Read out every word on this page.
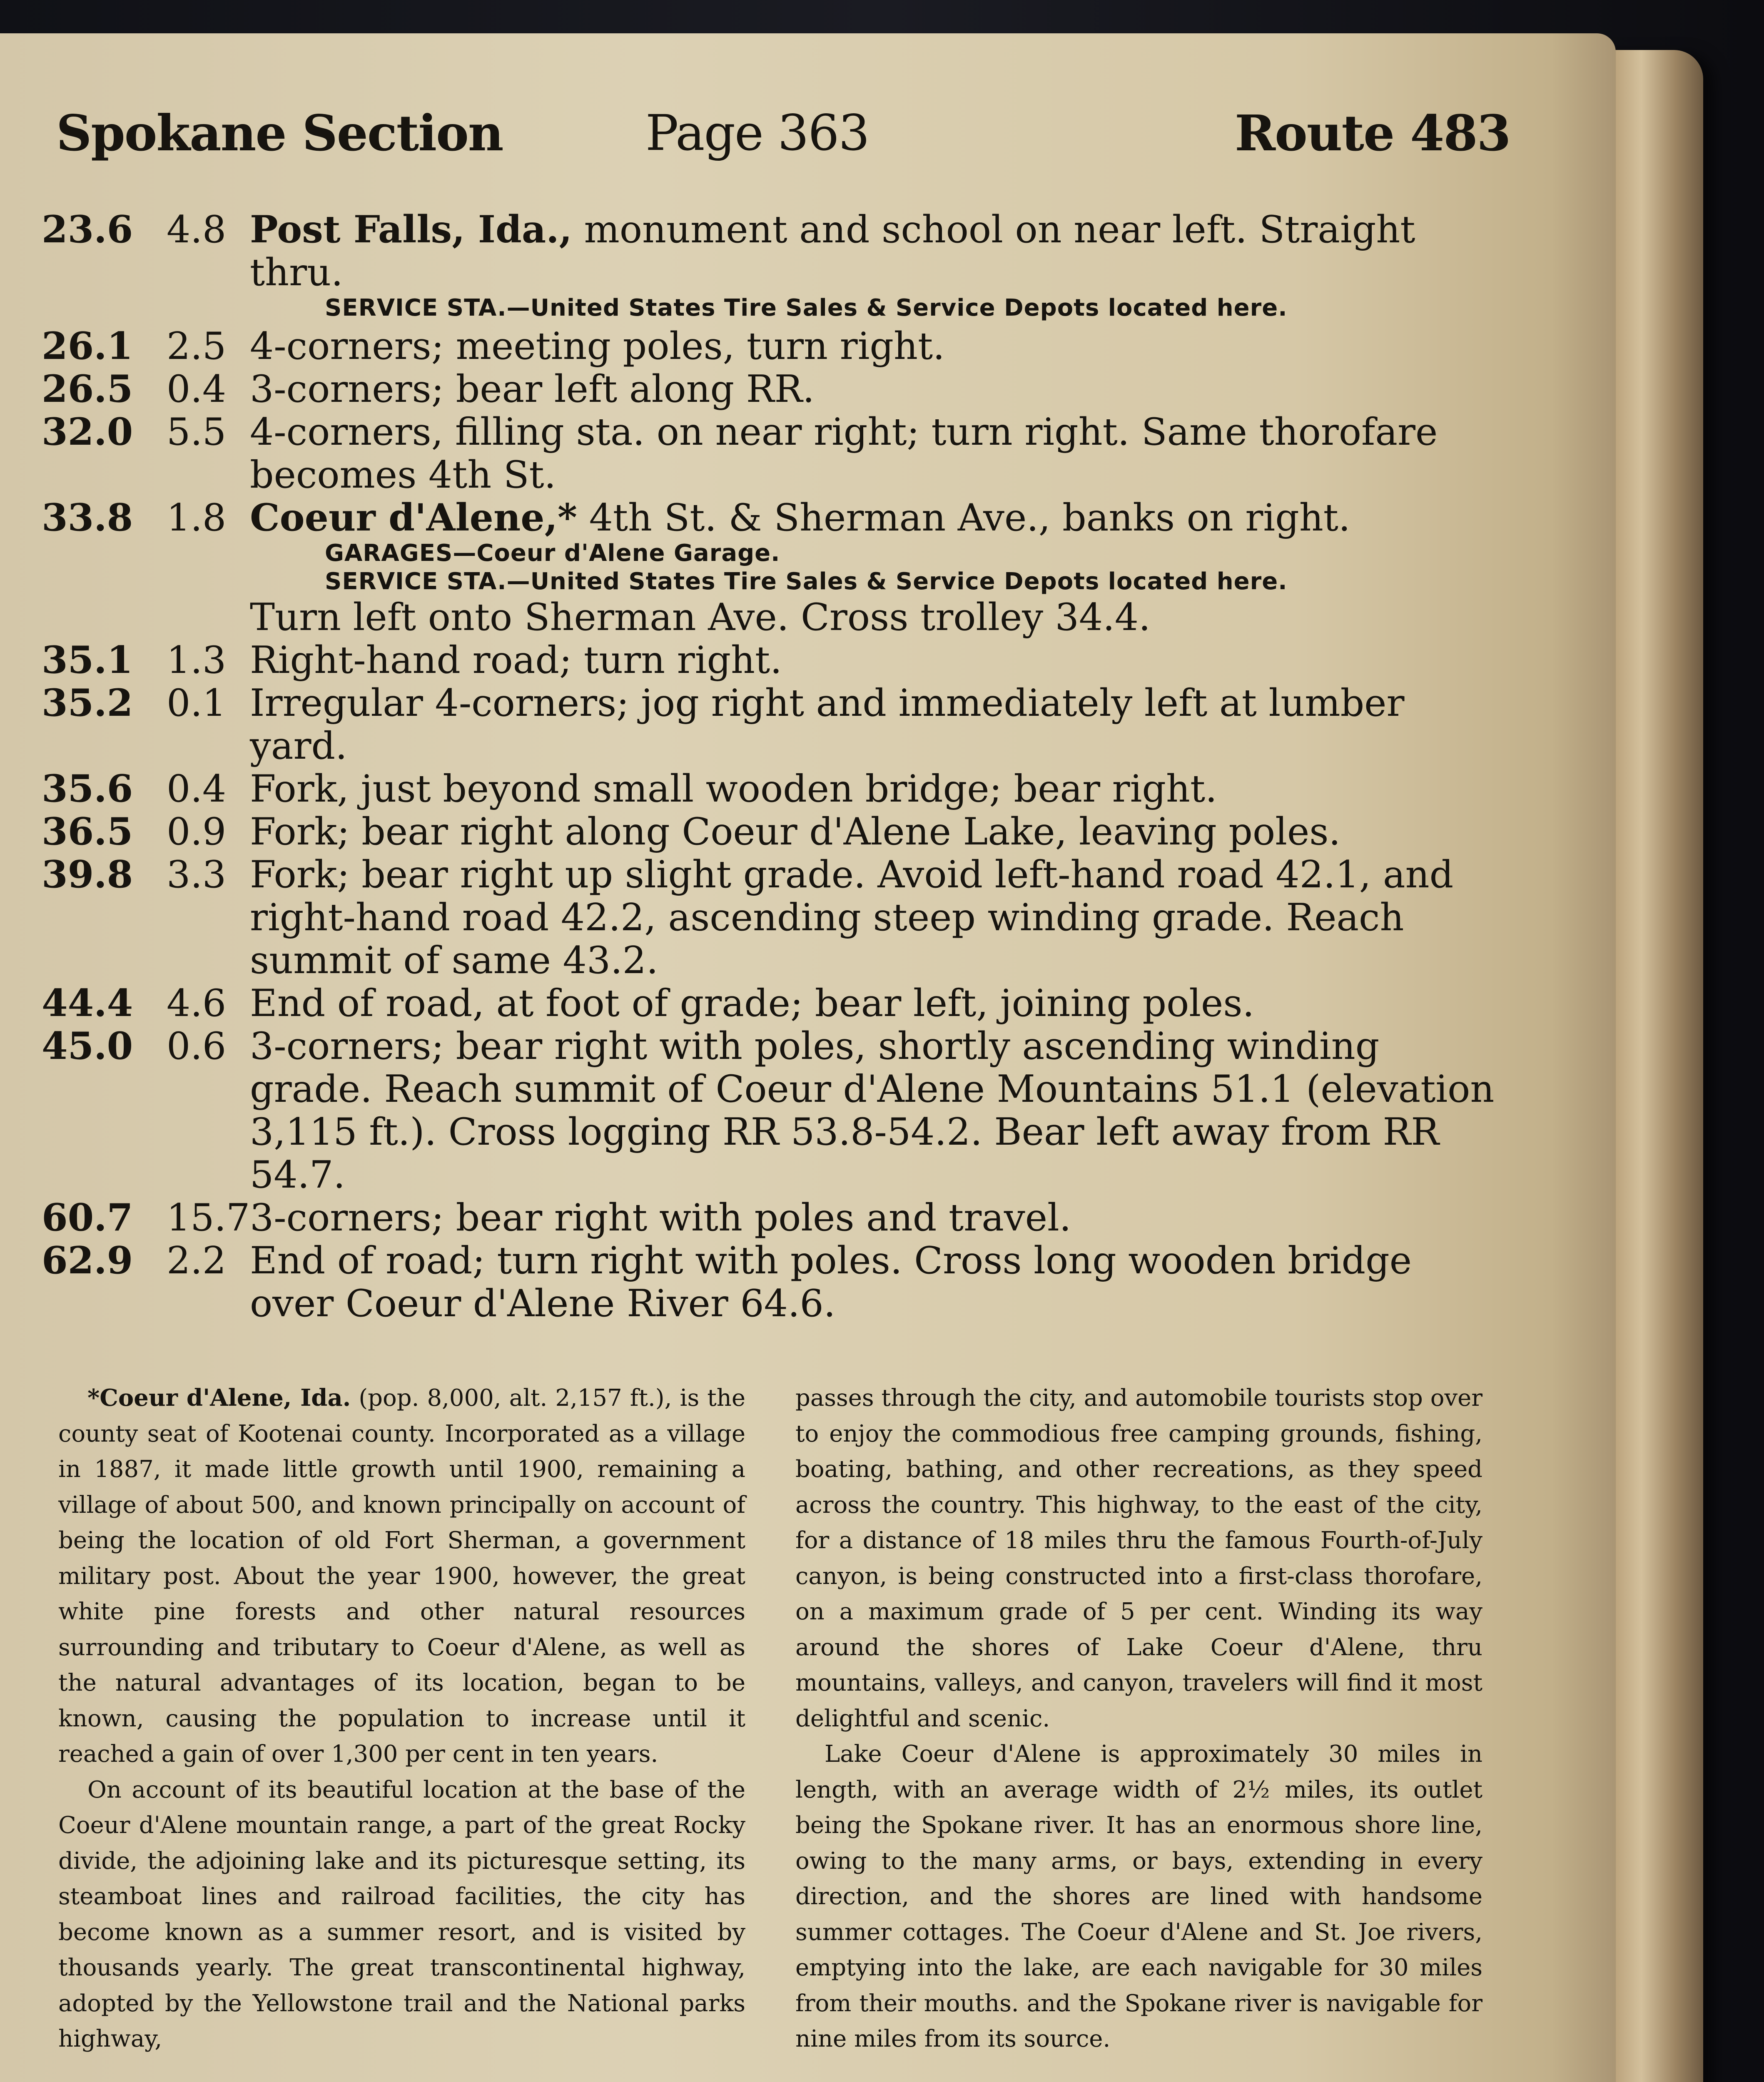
Spokane Section	Page 363	Route 483
23.6 4.8 Post Falls, Ida., monument and school on near left. Straight thru.
SERVICE STA.—United States Tire Sales & Service Depots located here.
26.1 2.5 4-corners; meeting poles, turn right.
26.5 0.4 3-corners; bear left along RR.
32.0 5.5 4-corners, filling sta. on near right; turn right. Same thorofare becomes 4th St.
33.8 1.8 Coeur d'Alene,* 4th St. & Sherman Ave., banks on right.
GARAGES—Coeur d'Alene Garage.
SERVICE STA.—United States Tire Sales & Service Depots located here.
Turn left onto Sherman Ave. Cross trolley 34.4.
35.1 1.3 Right-hand road; turn right.
35.2 0.1 Irregular 4-corners; jog right and immediately left at lumber yard.
35.6 0.4 Fork, just beyond small wooden bridge; bear right.
36.5 0.9 Fork; bear right along Coeur d'Alene Lake, leaving poles.
39.8 3.3 Fork; bear right up slight grade. Avoid left-hand road 42.1, and right-hand road 42.2, ascending steep winding grade. Reach summit of same 43.2.
44.4 4.6 End of road, at foot of grade; bear left, joining poles.
45.0 0.6 3-corners; bear right with poles, shortly ascending winding grade. Reach summit of Coeur d'Alene Mountains 51.1 (elevation 3,115 ft.). Cross logging RR 53.8-54.2. Bear left away from RR 54.7.
60.7 15.7 3-corners; bear right with poles and travel.
62.9 2.2 End of road; turn right with poles. Cross long wooden bridge over Coeur d'Alene River 64.6.

*Coeur d'Alene, Ida. (pop. 8,000, alt. 2,157 ft.), is the county seat of Kootenai county. Incorporated as a village in 1887, it made little growth until 1900, remaining a village of about 500, and known principally on account of being the location of old Fort Sherman, a government military post. About the year 1900, however, the great white pine forests and other natural resources surrounding and tributary to Coeur d'Alene, as well as the natural advantages of its location, began to be known, causing the population to increase until it reached a gain of over 1,300 per cent in ten years.

On account of its beautiful location at the base of the Coeur d'Alene mountain range, a part of the great Rocky divide, the adjoining lake and its picturesque setting, its steamboat lines and railroad facilities, the city has become known as a summer resort, and is visited by thousands yearly. The great transcontinental highway, adopted by the Yellowstone trail and the National parks highway,

passes through the city, and automobile tourists stop over to enjoy the commodious free camping grounds, fishing, boating, bathing, and other recreations, as they speed across the country. This highway, to the east of the city, for a distance of 18 miles thru the famous Fourth-of-July canyon, is being constructed into a first-class thorofare, on a maximum grade of 5 per cent. Winding its way around the shores of Lake Coeur d'Alene, thru mountains, valleys, and canyon, travelers will find it most delightful and scenic.

Lake Coeur d'Alene is approximately 30 miles in length, with an average width of 2½ miles, its outlet being the Spokane river. It has an enormous shore line, owing to the many arms, or bays, extending in every direction, and the shores are lined with handsome summer cottages. The Coeur d'Alene and St. Joe rivers, emptying into the lake, are each navigable for 30 miles from their mouths. and the Spokane river is navigable for nine miles from its source.
